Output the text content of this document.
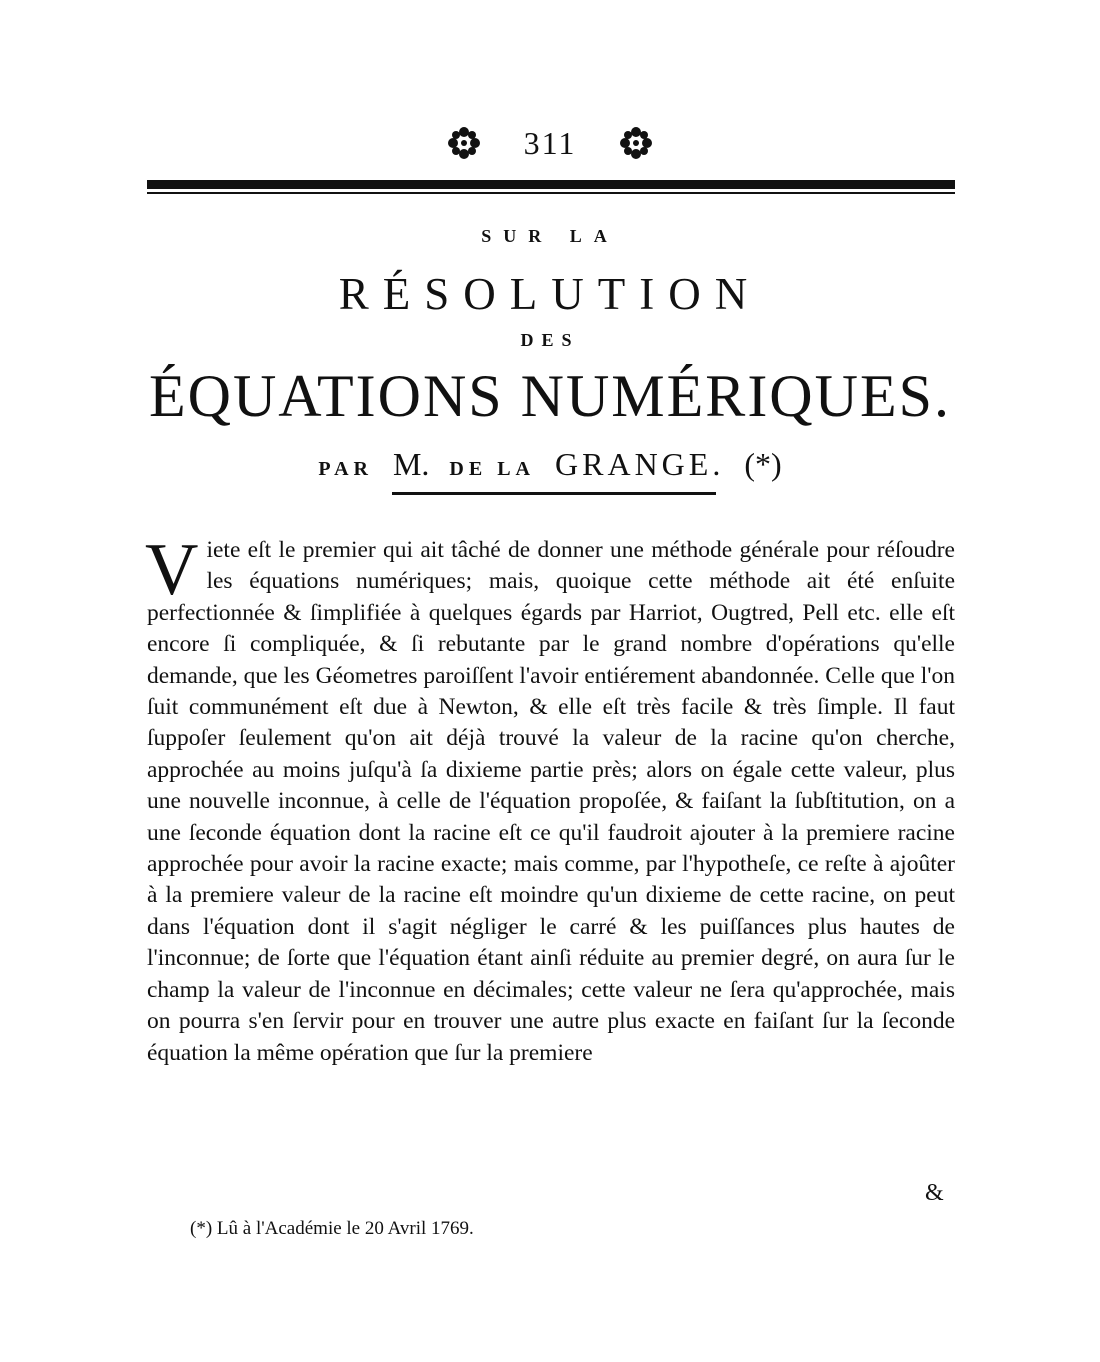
311
SUR LA
RÉSOLUTION
DES
ÉQUATIONS NUMÉRIQUES.
PAR M. DE LA GRANGE. (*)
V iete eſt le premier qui ait tâché de donner une méthode générale pour réſoudre les équations numériques; mais, quoique cette méthode ait été enſuite perfectionnée & ſimplifiée à quelques égards par Harriot, Ougtred, Pell etc. elle eſt encore ſi compliquée, & ſi rebutante par le grand nombre d'opérations qu'elle demande, que les Géometres paroiſſent l'avoir entiérement abandonnée. Celle que l'on ſuit communément eſt due à Newton, & elle eſt très facile & très ſimple. Il faut ſuppoſer ſeulement qu'on ait déjà trouvé la valeur de la racine qu'on cherche, approchée au moins juſqu'à ſa dixieme partie près; alors on égale cette valeur, plus une nouvelle inconnue, à celle de l'équation propoſée, & faiſant la ſubſtitution, on a une ſeconde équation dont la racine eſt ce qu'il faudroit ajouter à la premiere racine approchée pour avoir la racine exacte; mais comme, par l'hypotheſe, ce reſte à ajoûter à la premiere valeur de la racine eſt moindre qu'un dixieme de cette racine, on peut dans l'équation dont il s'agit négliger le carré & les puiſſances plus hautes de l'inconnue; de ſorte que l'équation étant ainſi réduite au premier degré, on aura ſur le champ la valeur de l'inconnue en décimales; cette valeur ne ſera qu'approchée, mais on pourra s'en ſervir pour en trouver une autre plus exacte en faiſant ſur la ſeconde équation la même opération que ſur la premiere
&
(*) Lû à l'Académie le 20 Avril 1769.
